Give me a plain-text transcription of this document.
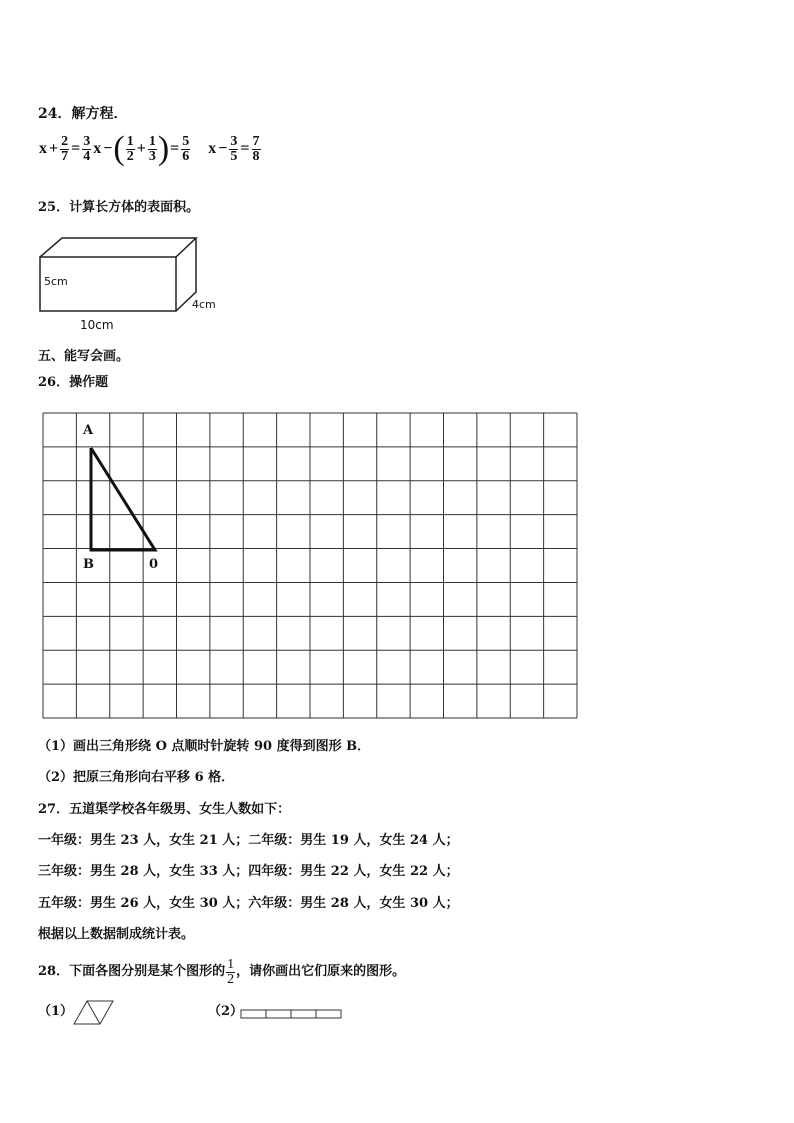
24．解方程．
$x + \frac{2}{7} = \frac{3}{4}$ x − ( $\frac{1}{2} + \frac{1}{3}$ ) = $\frac{5}{6}$ $x - \frac{3}{5} = \frac{7}{8}$
25．计算长方体的表面积。
5cm
4cm
10cm
五、能写会画。
26．操作题
A
B	0
（1）画出三角形绕 O 点顺时针旋转 90 度得到图形 B．
（2）把原三角形向右平移 6 格．
27．五道渠学校各年级男、女生人数如下：
一年级：男生 23 人，女生 21 人；二年级：男生 19 人，女生 24 人；
三年级：男生 28 人，女生 33 人；四年级：男生 22 人，女生 22 人；
五年级：男生 26 人，女生 30 人；六年级：男生 28 人，女生 30 人；
根据以上数据制成统计表。
28．下面各图分别是某个图形的 $\frac{1}{2}$ ，请你画出它们原来的图形。
（1）	（2）
